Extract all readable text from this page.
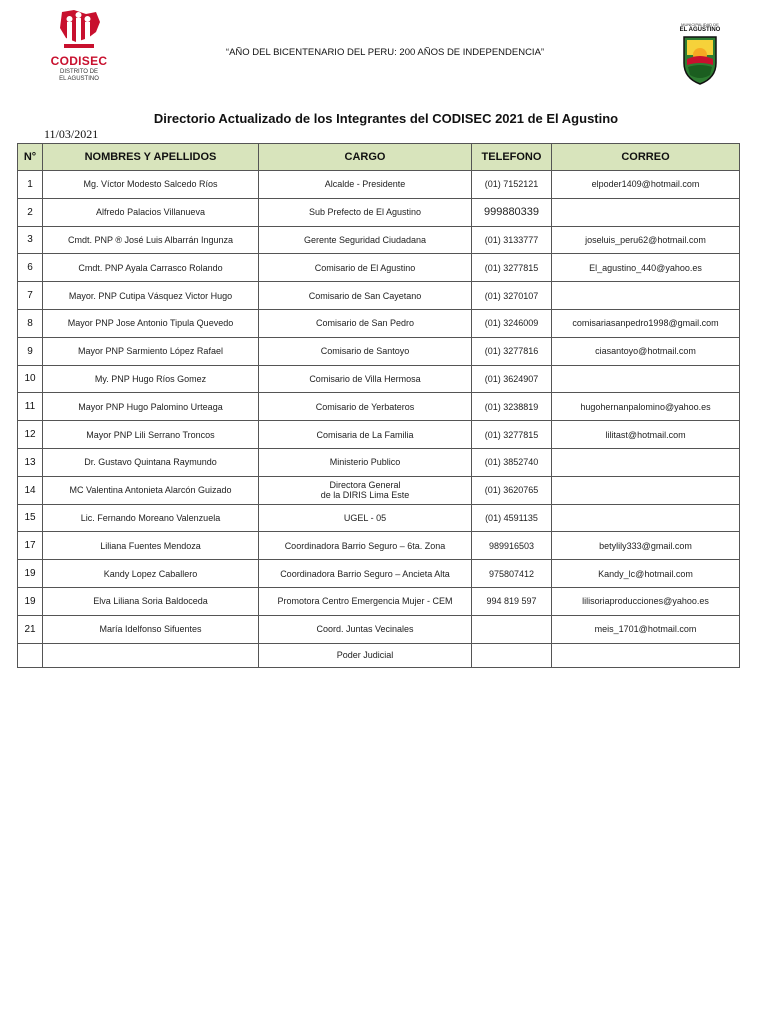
CODISEC
DISTRITO DE
EL AGUSTINO
“AÑO DEL BICENTENARIO DEL PERU: 200 AÑOS DE INDEPENDENCIA”
MUNICIPALIDAD DE
EL AGUSTINO
Directorio Actualizado de los Integrantes del CODISEC 2021 de El Agustino
11/03/2021
N°	NOMBRES Y APELLIDOS	CARGO	TELEFONO	CORREO
1	Mg. Víctor Modesto Salcedo Ríos	Alcalde - Presidente	(01) 7152121	elpoder1409@hotmail.com
2	Alfredo Palacios Villanueva	Sub Prefecto de El Agustino	999880339	
3	Cmdt. PNP ® José Luis Albarrán Ingunza	Gerente Seguridad Ciudadana	(01) 3133777	joseluis_peru62@hotmail.com
6	Cmdt. PNP Ayala Carrasco Rolando	Comisario de El Agustino	(01) 3277815	El_agustino_440@yahoo.es
7	Mayor. PNP Cutipa Vásquez Victor Hugo	Comisario de San Cayetano	(01) 3270107	
8	Mayor PNP Jose Antonio Tipula Quevedo	Comisario de San Pedro	(01) 3246009	comisariasanpedro1998@gmail.com
9	Mayor PNP Sarmiento López Rafael	Comisario de Santoyo	(01) 3277816	ciasantoyo@hotmail.com
10	My. PNP Hugo Ríos Gomez	Comisario de Villa Hermosa	(01) 3624907	
11	Mayor PNP Hugo Palomino Urteaga	Comisario de Yerbateros	(01) 3238819	hugohernanpalomino@yahoo.es
12	Mayor PNP Lili Serrano Troncos	Comisaria de La Familia	(01) 3277815	lilitast@hotmail.com
13	Dr. Gustavo Quintana Raymundo	Ministerio Publico	(01) 3852740	
14	MC Valentina Antonieta Alarcón Guizado	Directora General
de la DIRIS Lima Este	(01) 3620765	
15	Lic. Fernando Moreano Valenzuela	UGEL - 05	(01) 4591135	
17	Liliana Fuentes Mendoza	Coordinadora Barrio Seguro – 6ta. Zona	989916503	betylily333@gmail.com
19	Kandy Lopez Caballero	Coordinadora Barrio Seguro – Ancieta Alta	975807412	Kandy_lc@hotmail.com
19	Elva Liliana Soria Baldoceda	Promotora Centro Emergencia Mujer - CEM	994 819 597	lilisoriaproducciones@yahoo.es
21	María Idelfonso Sifuentes	Coord. Juntas Vecinales		meis_1701@hotmail.com
		Poder Judicial		
